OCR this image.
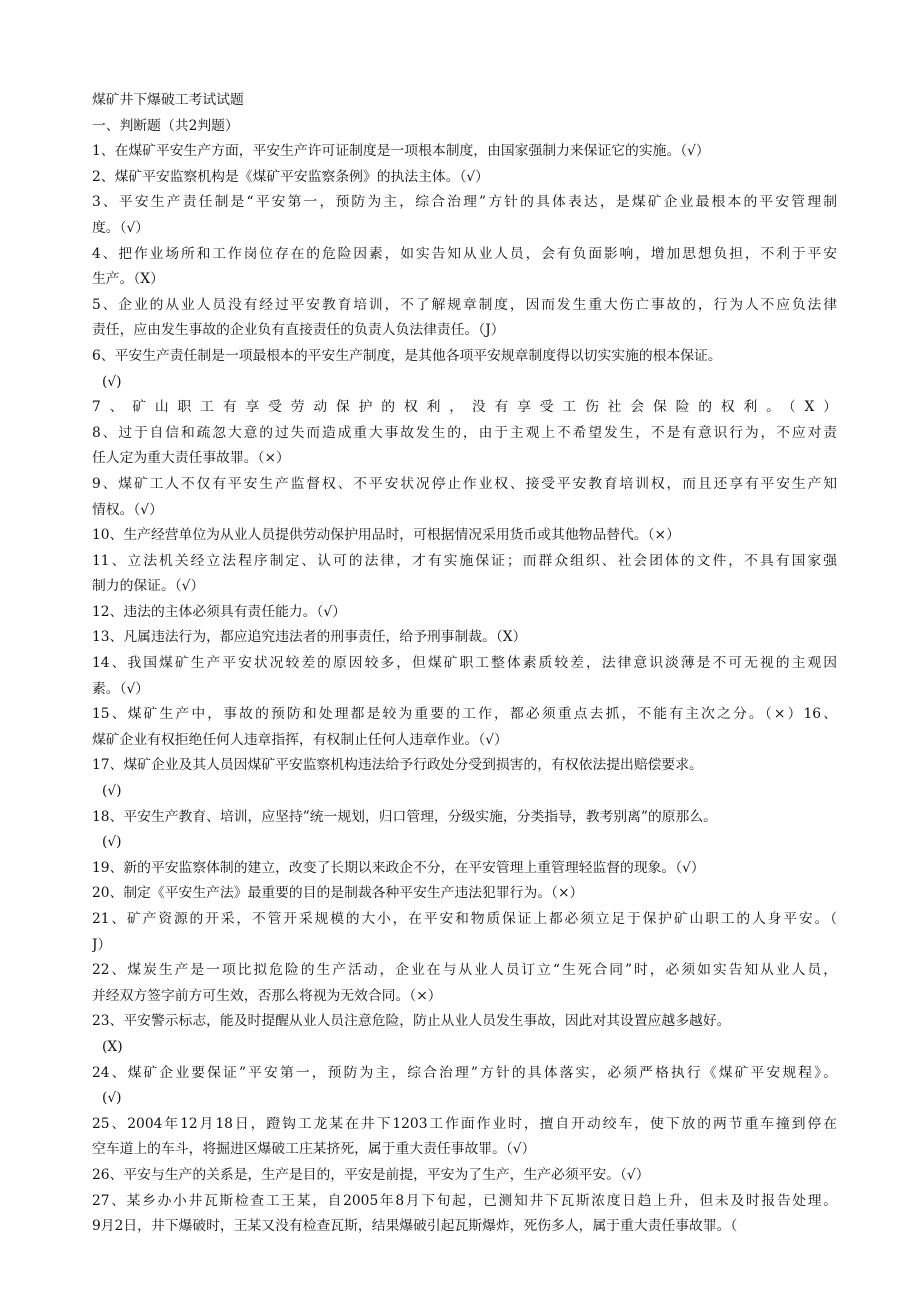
煤矿井下爆破工考试试题
一、判断题（共2判题）
1、在煤矿平安生产方面，平安生产许可证制度是一项根本制度，由国家强制力来保证它的实施。（√）
2、煤矿平安监察机构是《煤矿平安监察条例》的执法主体。（√）
3、平安生产责任制是“平安第一，预防为主，综合治理”方针的具体表达，是煤矿企业最根本的平安管理制
度。（√）
4、把作业场所和工作岗位存在的危险因素，如实告知从业人员，会有负面影响，增加思想负担，不利于平安
生产。（X）
5、企业的从业人员没有经过平安教育培训，不了解规章制度，因而发生重大伤亡事故的，行为人不应负法律
责任，应由发生事故的企业负有直接责任的负责人负法律责任。（J）
6、平安生产责任制是一项最根本的平安生产制度，是其他各项平安规章制度得以切实实施的根本保证。
(√)
7、矿山职工有享受劳动保护的权利，没有享受工伤社会保险的权利。（X）
8、过于自信和疏忽大意的过失而造成重大事故发生的，由于主观上不希望发生，不是有意识行为，不应对责
任人定为重大责任事故罪。（×）
9、煤矿工人不仅有平安生产监督权、不平安状况停止作业权、接受平安教育培训权，而且还享有平安生产知
情权。（√）
10、生产经营单位为从业人员提供劳动保护用品时，可根据情况采用货币或其他物品替代。（×）
11、立法机关经立法程序制定、认可的法律，才有实施保证；而群众组织、社会团体的文件，不具有国家强
制力的保证。（√）
12、违法的主体必须具有责任能力。（√）
13、凡属违法行为，都应追究违法者的刑事责任，给予刑事制裁。（X）
14、我国煤矿生产平安状况较差的原因较多，但煤矿职工整体素质较差，法律意识淡薄是不可无视的主观因
素。（√）
15、煤矿生产中，事故的预防和处理都是较为重要的工作，都必须重点去抓，不能有主次之分。（×）16、
煤矿企业有权拒绝任何人违章指挥，有权制止任何人违章作业。（√）
17、煤矿企业及其人员因煤矿平安监察机构违法给予行政处分受到损害的，有权依法提出赔偿要求。
(√)
18、平安生产教育、培训，应坚持”统一规划，归口管理，分级实施，分类指导，教考别离”的原那么。
(√)
19、新的平安监察体制的建立，改变了长期以来政企不分，在平安管理上重管理轻监督的现象。（√）
20、制定《平安生产法》最重要的目的是制裁各种平安生产违法犯罪行为。（×）
21、矿产资源的开采，不管开采规模的大小，在平安和物质保证上都必须立足于保护矿山职工的人身平安。（
J）
22、煤炭生产是一项比拟危险的生产活动，企业在与从业人员订立“生死合同”时，必须如实告知从业人员，
并经双方签字前方可生效，否那么将视为无效合同。（×）
23、平安警示标志，能及时提醒从业人员注意危险，防止从业人员发生事故，因此对其设置应越多越好。
(X)
24、煤矿企业要保证”平安第一，预防为主，综合治理”方针的具体落实，必须严格执行《煤矿平安规程》。
(√)
25、2004年12月18日，蹬钩工龙某在井下1203工作面作业时，擅自开动绞车，使下放的两节重车撞到停在
空车道上的车斗，将掘进区爆破工庄某挤死，属于重大责任事故罪。（√）
26、平安与生产的关系是，生产是目的，平安是前提，平安为了生产，生产必须平安。（√）
27、某乡办小井瓦斯检查工王某，自2005年8月下旬起，已测知井下瓦斯浓度日趋上升，但未及时报告处理。
9月2日，井下爆破时，王某又没有检查瓦斯，结果爆破引起瓦斯爆炸，死伤多人，属于重大责任事故罪。（
